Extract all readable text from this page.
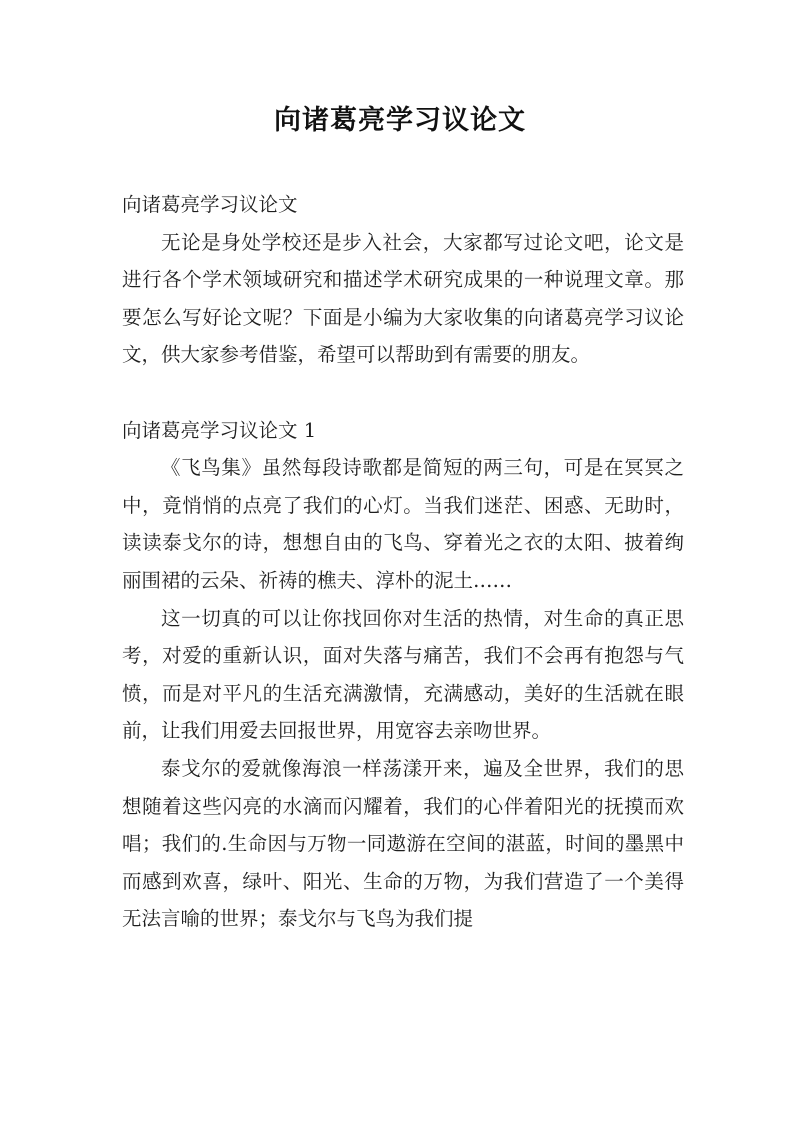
向诸葛亮学习议论文

向诸葛亮学习议论文

无论是身处学校还是步入社会，大家都写过论文吧，论文是进行各个学术领域研究和描述学术研究成果的一种说理文章。那要怎么写好论文呢？下面是小编为大家收集的向诸葛亮学习议论文，供大家参考借鉴，希望可以帮助到有需要的朋友。

向诸葛亮学习议论文 1

《飞鸟集》虽然每段诗歌都是简短的两三句，可是在冥冥之中，竟悄悄的点亮了我们的心灯。当我们迷茫、困惑、无助时，读读泰戈尔的诗，想想自由的飞鸟、穿着光之衣的太阳、披着绚丽围裙的云朵、祈祷的樵夫、淳朴的泥土……

这一切真的可以让你找回你对生活的热情，对生命的真正思考，对爱的重新认识，面对失落与痛苦，我们不会再有抱怨与气愤，而是对平凡的生活充满激情，充满感动，美好的生活就在眼前，让我们用爱去回报世界，用宽容去亲吻世界。

泰戈尔的爱就像海浪一样荡漾开来，遍及全世界，我们的思想随着这些闪亮的水滴而闪耀着，我们的心伴着阳光的抚摸而欢唱；我们的.生命因与万物一同遨游在空间的湛蓝，时间的墨黑中而感到欢喜，绿叶、阳光、生命的万物，为我们营造了一个美得无法言喻的世界；泰戈尔与飞鸟为我们提
